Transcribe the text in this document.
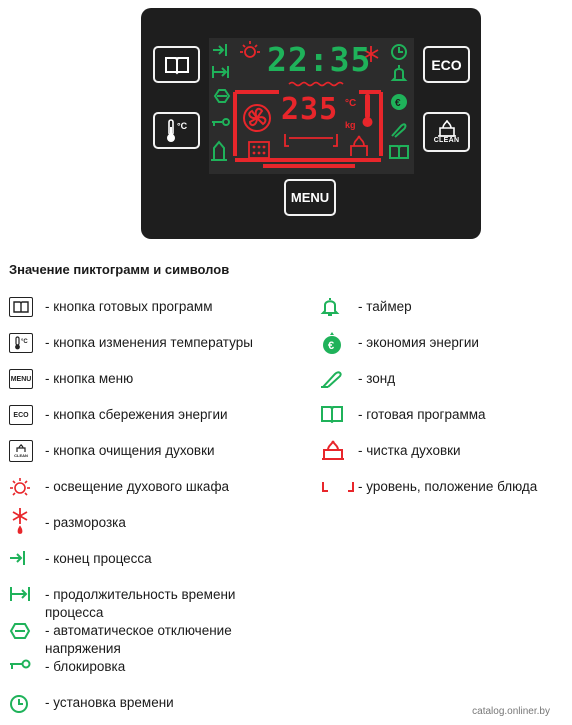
°C
ECO
CLEAN
MENU
€
22:35
235 °C
kg
Значение пиктограмм и символов
°C
MENU
ECO
CLEAN
- кнопка готовых программ
- кнопка изменения температуры
- кнопка меню
- кнопка сбережения энергии
- кнопка очищения духовки
- освещение духового шкафа
- разморозка
- конец процесса
- продолжительность времени процесса
- автоматическое отключение напряжения
- блокировка
- установка времени
€
- таймер
- экономия энергии
- зонд
- готовая программа
- чистка духовки
- уровень, положение блюда
catalog.onliner.by
